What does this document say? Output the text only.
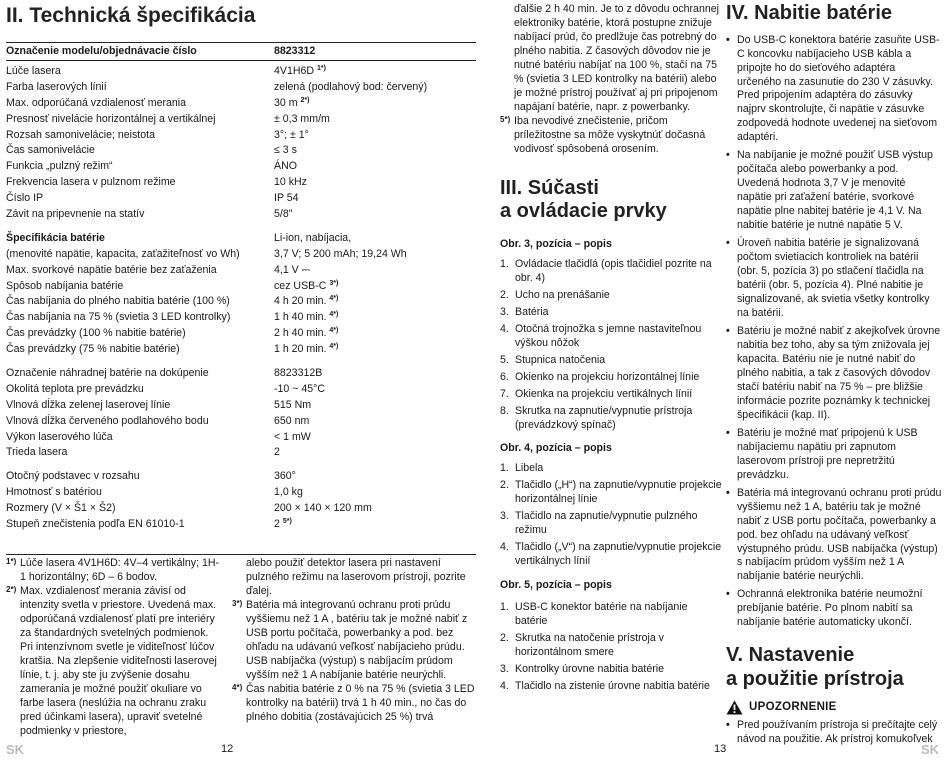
II. Technická špecifikácia
Označenie modelu/objednávacie číslo	8823312
Lúče lasera	4V1H6D $^{1*)}$
Farba laserových línií	zelená (podlahový bod: červený)
Max. odporúčaná vzdialenosť merania	30 m $^{2*)}$
Presnosť nivelácie horizontálnej a vertikálnej	± 0,3 mm/m
Rozsah samonivelácie; neistota	3°; ± 1°
Čas samonivelácie	≤ 3 s
Funkcia „pulzný režim“	ÁNO
Frekvencia lasera v pulznom režime	10 kHz
Číslo IP	IP 54
Závit na pripevnenie na statív	5/8"
Špecifikácia batérie	Li-ion, nabíjacia,
(menovité napätie, kapacita, zaťažiteľnosť vo Wh)	3,7 V; 5 200 mAh; 19,24 Wh
Max. svorkové napätie batérie bez zaťaženia	4,1 V ⎓
Spôsob nabíjania batérie	cez USB-C $^{3*)}$
Čas nabíjania do plného nabitia batérie (100 %)	4 h 20 min. $^{4*)}$
Čas nabíjania na 75 % (svietia 3 LED kontrolky)	1 h 40 min. $^{4*)}$
Čas prevádzky (100 % nabitie batérie)	2 h 40 min. $^{4*)}$
Čas prevádzky (75 % nabitie batérie)	1 h 20 min. $^{4*)}$
Označenie náhradnej batérie na dokúpenie	8823312B
Okolitá teplota pre prevádzku	-10 ~ 45°C
Vlnová dĺžka zelenej laserovej línie	515 Nm
Vlnová dĺžka červeného podlahového bodu	650 nm
Výkon laserového lúča	< 1 mW
Trieda lasera	2
Otočný podstavec v rozsahu	360°
Hmotnosť s batériou	1,0 kg
Rozmery (V × Š1 × Š2)	200 × 140 × 120 mm
Stupeň znečistenia podľa EN 61010-1	2 $^{5*)}$
1*) Lúče lasera 4V1H6D: 4V–4 vertikálny; 1H-1 horizontálny; 6D – 6 bodov.
2*) Max. vzdialenosť merania závisí od intenzity svetla v priestore. Uvedená max. odporúčaná vzdialenosť platí pre interiéry za štandardných svetelných podmienok. Pri intenzívnom svetle je viditeľnosť lúčov kratšia. Na zlepšenie viditeľnosti laserovej línie, t. j. aby ste ju zvýšenie dosahu zamerania je možné použiť okuliare vo farbe lasera (neslúžia na ochranu zraku pred účinkami lasera), upraviť svetelné podmienky v priestore,
alebo použiť detektor lasera pri nastavení pulzného režimu na laserovom prístroji, pozrite ďalej.
3*) Batéria má integrovanú ochranu proti prúdu vyššiemu než 1 A , batériu tak je možné nabiť z USB portu počítača, powerbanky a pod. bez ohľadu na udávanú veľkosť nabíjacieho prúdu. USB nabíjačka (výstup) s nabíjacím prúdom vyšším než 1 A nabíjanie batérie neurýchli.
4*) Čas nabitia batérie z 0 % na 75 % (svietia 3 LED kontrolky na batérii) trvá 1 h 40 min., no čas do plného dobitia (zostávajúcich 25 %) trvá
SK	12
ďalšie 2 h 40 min. Je to z dôvodu ochrannej elektroniky batérie, ktorá postupne znižuje nabíjací prúd, čo predlžuje čas potrebný do plného nabitia. Z časových dôvodov nie je nutné batériu nabíjať na 100 %, stačí na 75 % (svietia 3 LED kontrolky na batérii) alebo je možné prístroj používať aj pri pripojenom napájaní batérie, napr. z powerbanky.
5*) Iba nevodivé znečistenie, pričom príležitostne sa môže vyskytnúť dočasná vodivosť spôsobená orosením.
III. Súčasti
a ovládacie prvky

Obr. 3, pozícia – popis

1. Ovládacie tlačidlá (opis tlačidiel pozrite na obr. 4)
2. Ucho na prenášanie
3. Batéria
4. Otočná trojnožka s jemne nastaviteľnou výškou nôžok
5. Stupnica natočenia
6. Okienko na projekciu horizontálnej línie
7. Okienka na projekciu vertikálnych línií
8. Skrutka na zapnutie/vypnutie prístroja (prevádzkový spínač)

Obr. 4, pozícia – popis

1. Libela
2. Tlačidlo („H“) na zapnutie/vypnutie projekcie horizontálnej línie
3. Tlačidlo na zapnutie/vypnutie pulzného režimu
4. Tlačidlo („V“) na zapnutie/vypnutie projekcie vertikálnych línií

Obr. 5, pozícia – popis

1. USB-C konektor batérie na nabíjanie batérie
2. Skrutka na natočenie prístroja v horizontálnom smere
3. Kontrolky úrovne nabitia batérie
4. Tlačidlo na zistenie úrovne nabitia batérie
IV. Nabitie batérie
• Do USB-C konektora batérie zasuňte USB-C koncovku nabíjacieho USB kábla a pripojte ho do sieťového adaptéra určeného na zasunutie do 230 V zásuvky. Pred pripojením adaptéra do zásuvky najprv skontrolujte, či napätie v zásuvke zodpovedá hodnote uvedenej na sieťovom adaptéri.
• Na nabíjanie je možné použiť USB výstup počítača alebo powerbanky a pod. Uvedená hodnota 3,7 V je menovité napätie pri zaťažení batérie, svorkové napätie plne nabitej batérie je 4,1 V. Na nabitie batérie je nutné napätie 5 V.
• Úroveň nabitia batérie je signalizovaná počtom svietiacich kontroliek na batérii (obr. 5, pozícia 3) po stlačení tlačidla na batérii (obr. 5, pozícia 4). Plné nabitie je signalizované, ak svietia všetky kontrolky na batérii.
• Batériu je možné nabiť z akejkoľvek úrovne nabitia bez toho, aby sa tým znižovala jej kapacita. Batériu nie je nutné nabiť do plného nabitia, a tak z časových dôvodov stačí batériu nabiť na 75 % – pre bližšie informácie pozrite poznámky k technickej špecifikácii (kap. II).
• Batériu je možné mať pripojenú k USB nabíjaciemu napätiu pri zapnutom laserovom prístroji pre nepretržitú prevádzku.
• Batéria má integrovanú ochranu proti prúdu vyššiemu než 1 A, batériu tak je možné nabiť z USB portu počítača, powerbanky a pod. bez ohľadu na udávaný veľkosť výstupného prúdu. USB nabíjačka (výstup) s nabíjacím prúdom vyšším než 1 A nabíjanie batérie neurýchli.
• Ochranná elektronika batérie neumožní prebíjanie batérie. Po plnom nabití sa nabíjanie batérie automaticky ukončí.
V. Nastavenie
a použitie prístroja
UPOZORNENIE
• Pred používaním prístroja si prečítajte celý návod na použitie. Ak prístroj komukoľvek
13	SK
